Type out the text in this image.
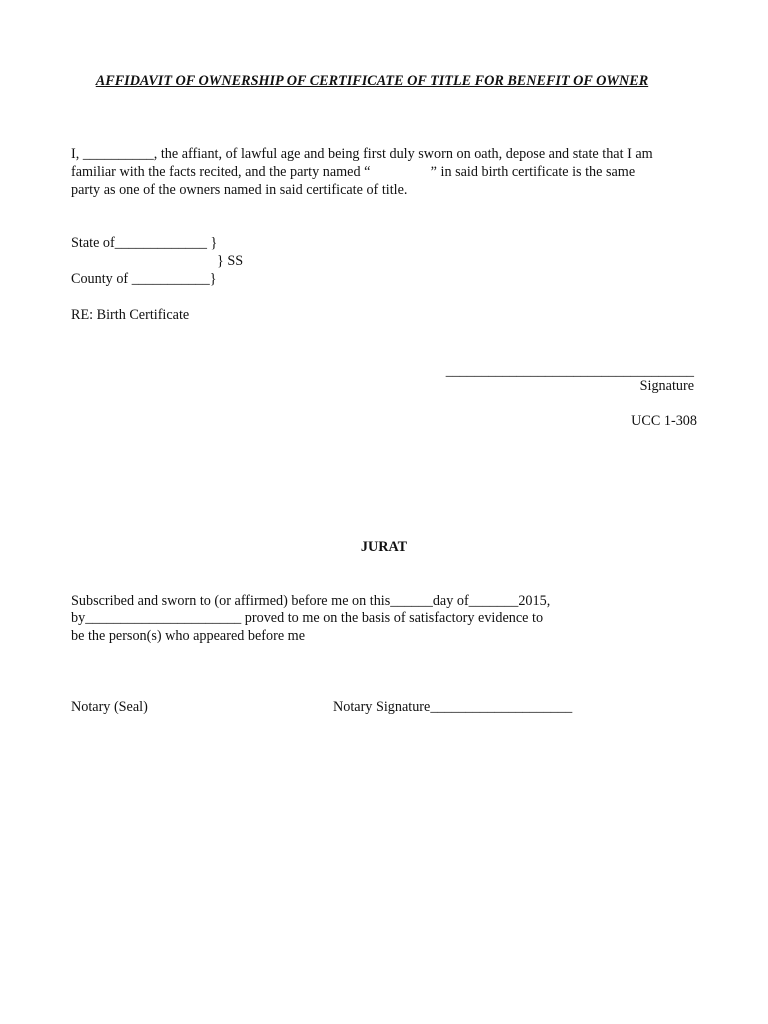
AFFIDAVIT OF OWNERSHIP OF CERTIFICATE OF TITLE FOR BENEFIT OF OWNER
I, __________, the affiant, of lawful age and being first duly sworn on oath, depose and state that I am
familiar with the facts recited, and the party named “                 ” in said birth certificate is the same
party as one of the owners named in said certificate of title.
State of_____________ }
} SS
County of ___________}
RE: Birth Certificate
___________________________________
Signature
UCC 1-308
JURAT
Subscribed and sworn to (or affirmed) before me on this______day of_______2015,
by______________________ proved to me on the basis of satisfactory evidence to
be the person(s) who appeared before me
Notary (Seal)	Notary Signature____________________
